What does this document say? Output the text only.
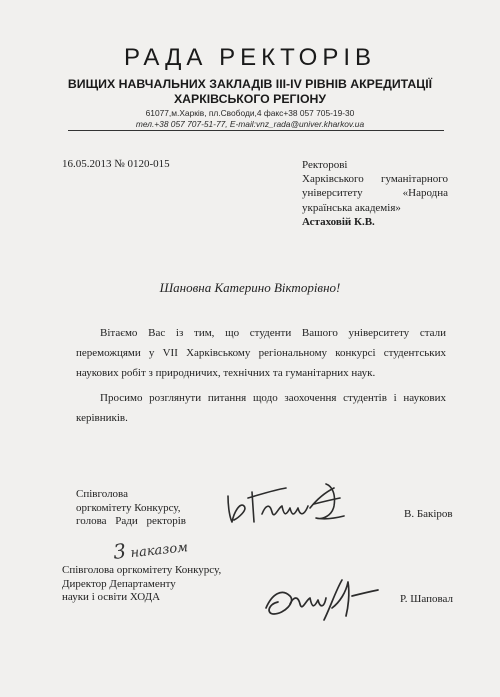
РАДА РЕКТОРІВ
ВИЩИХ НАВЧАЛЬНИХ ЗАКЛАДІВ ІІІ-IV РІВНІВ АКРЕДИТАЦІЇ
ХАРКІВСЬКОГО РЕГІОНУ
61077,м.Харків, пл.Свободи,4 факс+38 057 705-19-30
тел.+38 057 707-51-77, E-mail:vnz_rada@univer.kharkov.ua
16.05.2013 № 0120-015	Ректорові
Харківського гуманітарного
університету «Народна
українська академія»
Астаховій К.В.
Шановна Катерино Вікторівно!
Вітаємо Вас із тим, що студенти Вашого університету стали
переможцями у VII Харківському регіональному конкурсі студентських
наукових робіт з природничих, технічних та гуманітарних наук.
Просимо розглянути питання щодо заохочення студентів і наукових
керівників.
Співголова
оргкомітету Конкурсу,
голова Ради ректорів
В. Бакіров
3 наказом
Співголова оргкомітету Конкурсу,
Директор Департаменту
науки і освіти ХОДА	Р. Шаповал
